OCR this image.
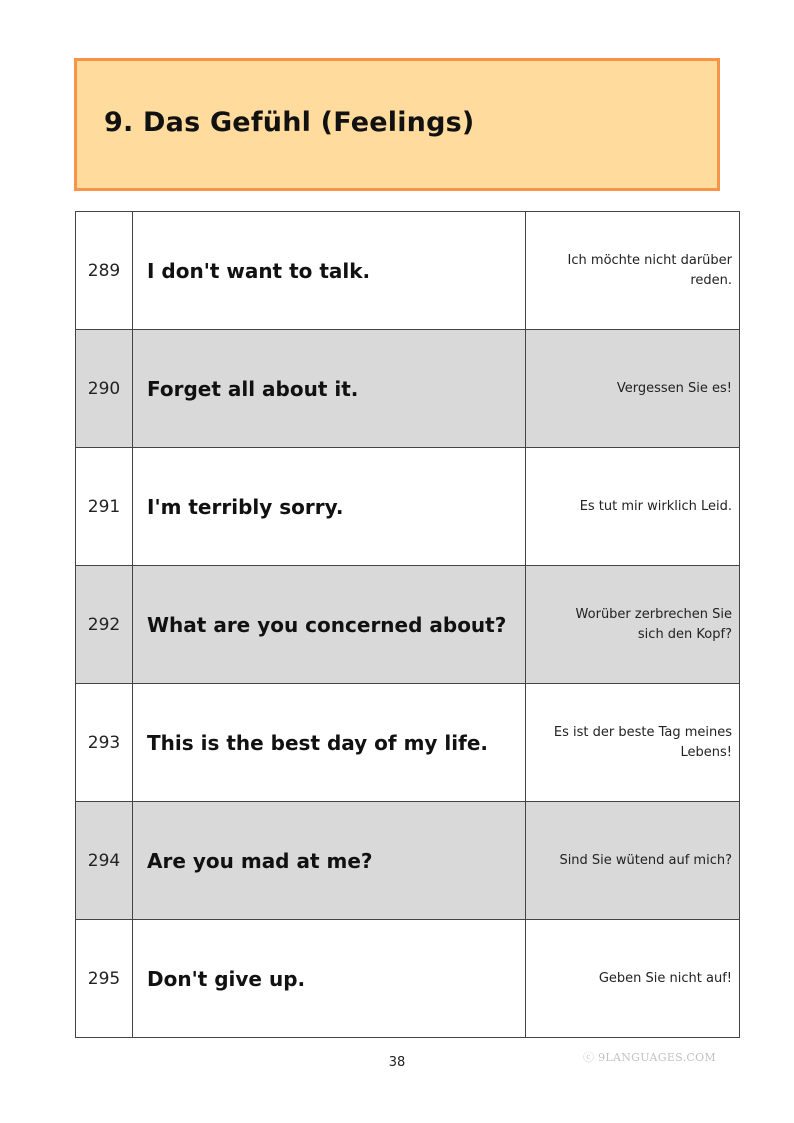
9. Das Gefühl (Feelings)
289	I don't want to talk.	Ich möchte nicht darüber reden.
290	Forget all about it.	Vergessen Sie es!
291	I'm terribly sorry.	Es tut mir wirklich Leid.
292	What are you concerned about?	Worüber zerbrechen Sie sich den Kopf?
293	This is the best day of my life.	Es ist der beste Tag meines Lebens!
294	Are you mad at me?	Sind Sie wütend auf mich?
295	Don't give up.	Geben Sie nicht auf!
38	ⓒ 9LANGUAGES.COM
